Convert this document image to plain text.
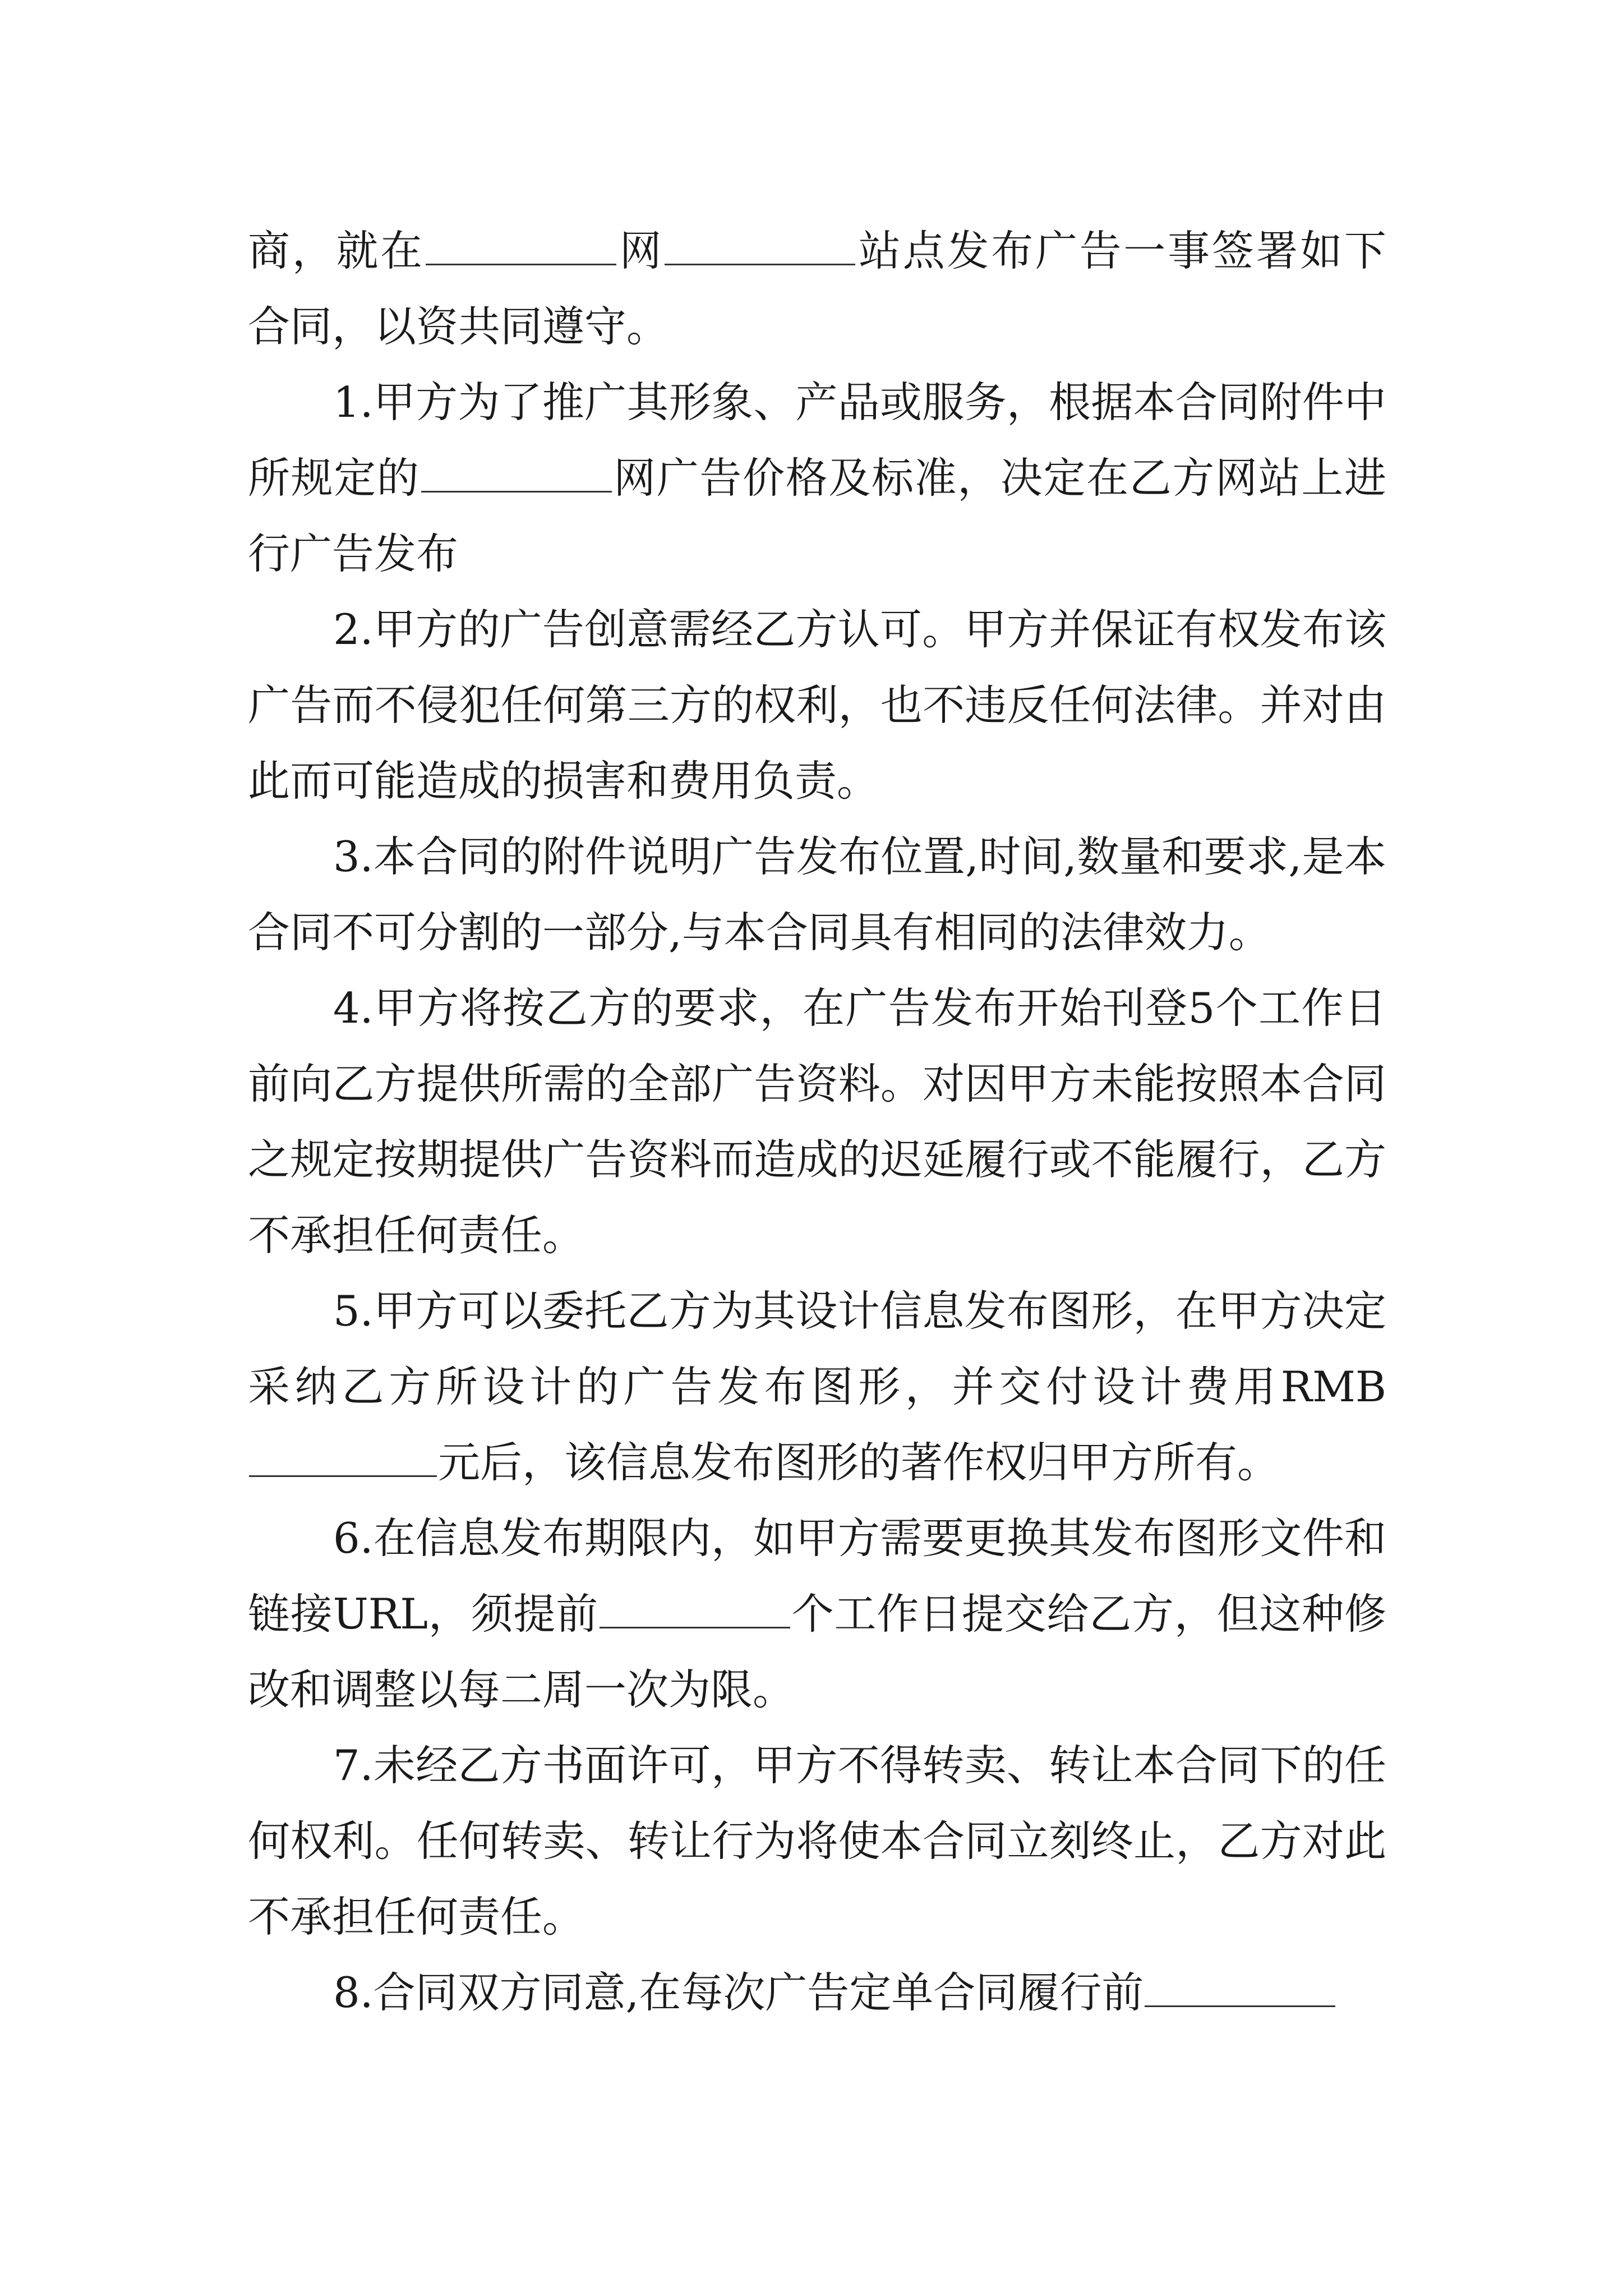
商，就在	网	站点发布广告一事签署如下合同，以资共同遵守。

1.甲方为了推广其形象、产品或服务，根据本合同附件中所规定的	网广告价格及标准，决定在乙方网站上进行广告发布

2.甲方的广告创意需经乙方认可。甲方并保证有权发布该广告而不侵犯任何第三方的权利，也不违反任何法律。并对由此而可能造成的损害和费用负责。

3.本合同的附件说明广告发布位置,时间,数量和要求,是本合同不可分割的一部分,与本合同具有相同的法律效力。

4.甲方将按乙方的要求，在广告发布开始刊登5个工作日前向乙方提供所需的全部广告资料。对因甲方未能按照本合同之规定按期提供广告资料而造成的迟延履行或不能履行，乙方不承担任何责任。

5.甲方可以委托乙方为其设计信息发布图形，在甲方决定采纳乙方所设计的广告发布图形，并交付设计费用RMB元后，该信息发布图形的著作权归甲方所有。

6.在信息发布期限内，如甲方需要更换其发布图形文件和链接URL，须提前	个工作日提交给乙方，但这种修改和调整以每二周一次为限。

7.未经乙方书面许可，甲方不得转卖、转让本合同下的任何权利。任何转卖、转让行为将使本合同立刻终止，乙方对此不承担任何责任。

8.合同双方同意,在每次广告定单合同履行前
